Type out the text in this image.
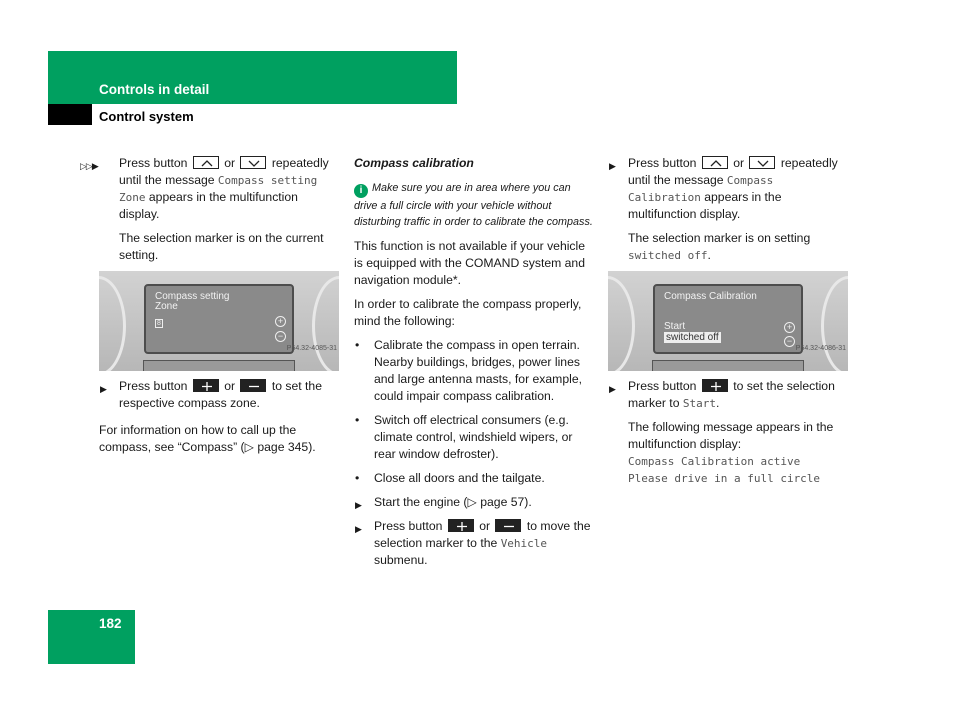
Controls in detail
Control system
▷▷▶ Press button	or	repeatedly until the message Compass setting Zone appears in the multifunction display.
The selection marker is on the current setting.
Compass setting
Zone
8	+
−
P54.32-4085-31
▶ Press button	or	to set the respective compass zone.
For information on how to call up the compass, see “Compass” (▷ page 345).
Compass calibration
i Make sure you are in area where you can drive a full circle with your vehicle without disturbing traffic in order to calibrate the compass.
This function is not available if your vehicle is equipped with the COMAND system and navigation module*.
In order to calibrate the compass properly, mind the following:
• Calibrate the compass in open terrain. Nearby buildings, bridges, power lines and large antenna masts, for example, could impair compass calibration.
• Switch off electrical consumers (e.g. climate control, windshield wipers, or rear window defroster).
• Close all doors and the tailgate.
▶ Start the engine (▷ page 57).
▶ Press button	or	to move the selection marker to the Vehicle submenu.
▶ Press button	or	repeatedly until the message Compass Calibration appears in the multifunction display.
The selection marker is on setting switched off.
Compass Calibration
Start
switched off
+
−
P54.32-4086-31
▶ Press button	to set the selection marker to Start.
The following message appears in the multifunction display:
Compass Calibration active
Please drive in a full circle
182
